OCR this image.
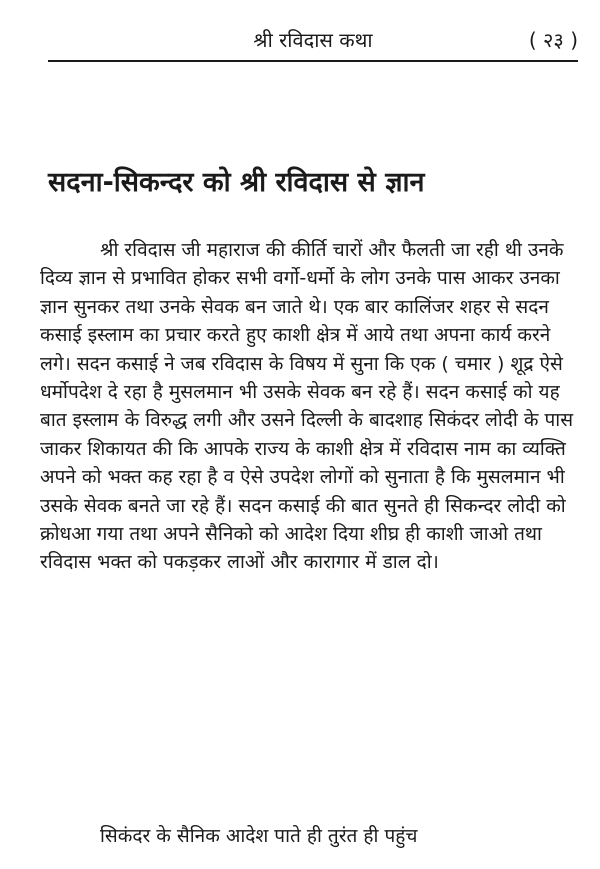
श्री रविदास कथा	( २३ )
सदना-सिकन्दर को श्री रविदास से ज्ञान

श्री रविदास जी महाराज की कीर्ति चारों और फैलती जा रही थी उनके दिव्य ज्ञान से प्रभावित होकर सभी वर्गो-धर्मो के लोग उनके पास आकर उनका ज्ञान सुनकर तथा उनके सेवक बन जाते थे। एक बार कालिंजर शहर से सदन कसाई इस्लाम का प्रचार करते हुए काशी क्षेत्र में आये तथा अपना कार्य करने लगे। सदन कसाई ने जब रविदास के विषय में सुना कि एक ( चमार ) शूद्र ऐसे धर्मोपदेश दे रहा है मुसलमान भी उसके सेवक बन रहे हैं। सदन कसाई को यह बात इस्लाम के विरुद्ध लगी और उसने दिल्ली के बादशाह सिकंदर लोदी के पास जाकर शिकायत की कि आपके राज्य के काशी क्षेत्र में रविदास नाम का व्यक्ति अपने को भक्त कह रहा है व ऐसे उपदेश लोगों को सुनाता है कि मुसलमान भी उसके सेवक बनते जा रहे हैं। सदन कसाई की बात सुनते ही सिकन्दर लोदी को क्रोधआ गया तथा अपने सैनिको को आदेश दिया शीघ्र ही काशी जाओ तथा रविदास भक्त को पकड़कर लाओं और कारागार में डाल दो।

सिकंदर के सैनिक आदेश पाते ही तुरंत ही पहुंच
